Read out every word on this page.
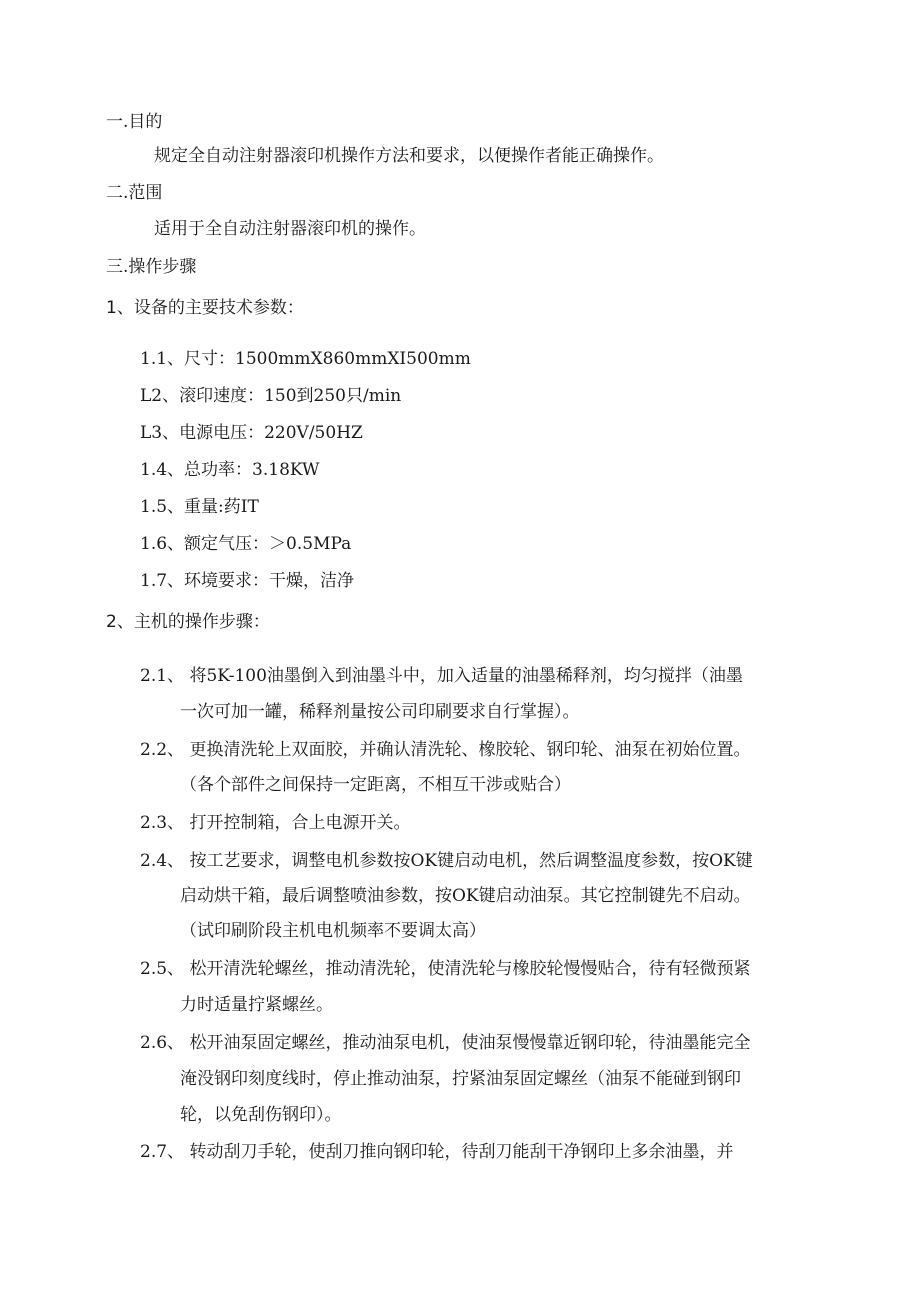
一.目的
规定全自动注射器滚印机操作方法和要求，以便操作者能正确操作。
二.范围
适用于全自动注射器滚印机的操作。
三.操作步骤
1、设备的主要技术参数：
1.1、尺寸：1500mmX860mmXI500mm
L2、滚印速度：150到250只/min
L3、电源电压：220V/50HZ
1.4、总功率：3.18KW
1.5、重量:药IT
1.6、额定气压：＞0.5MPa
1.7、环境要求：干燥，洁净
2、主机的操作步骤：
2.1、 将5K-100油墨倒入到油墨斗中，加入适量的油墨稀释剂，均匀搅拌（油墨
一次可加一罐，稀释剂量按公司印刷要求自行掌握）。
2.2、 更换清洗轮上双面胶，并确认清洗轮、橡胶轮、钢印轮、油泵在初始位置。
（各个部件之间保持一定距离，不相互干涉或贴合）
2.3、 打开控制箱，合上电源开关。
2.4、 按工艺要求，调整电机参数按OK键启动电机，然后调整温度参数，按OK键
启动烘干箱，最后调整喷油参数，按OK键启动油泵。其它控制键先不启动。
（试印刷阶段主机电机频率不要调太高）
2.5、 松开清洗轮螺丝，推动清洗轮，使清洗轮与橡胶轮慢慢贴合，待有轻微预紧
力时适量拧紧螺丝。
2.6、 松开油泵固定螺丝，推动油泵电机，使油泵慢慢靠近钢印轮，待油墨能完全
淹没钢印刻度线时，停止推动油泵，拧紧油泵固定螺丝（油泵不能碰到钢印
轮，以免刮伤钢印）。
2.7、 转动刮刀手轮，使刮刀推向钢印轮，待刮刀能刮干净钢印上多余油墨，并
